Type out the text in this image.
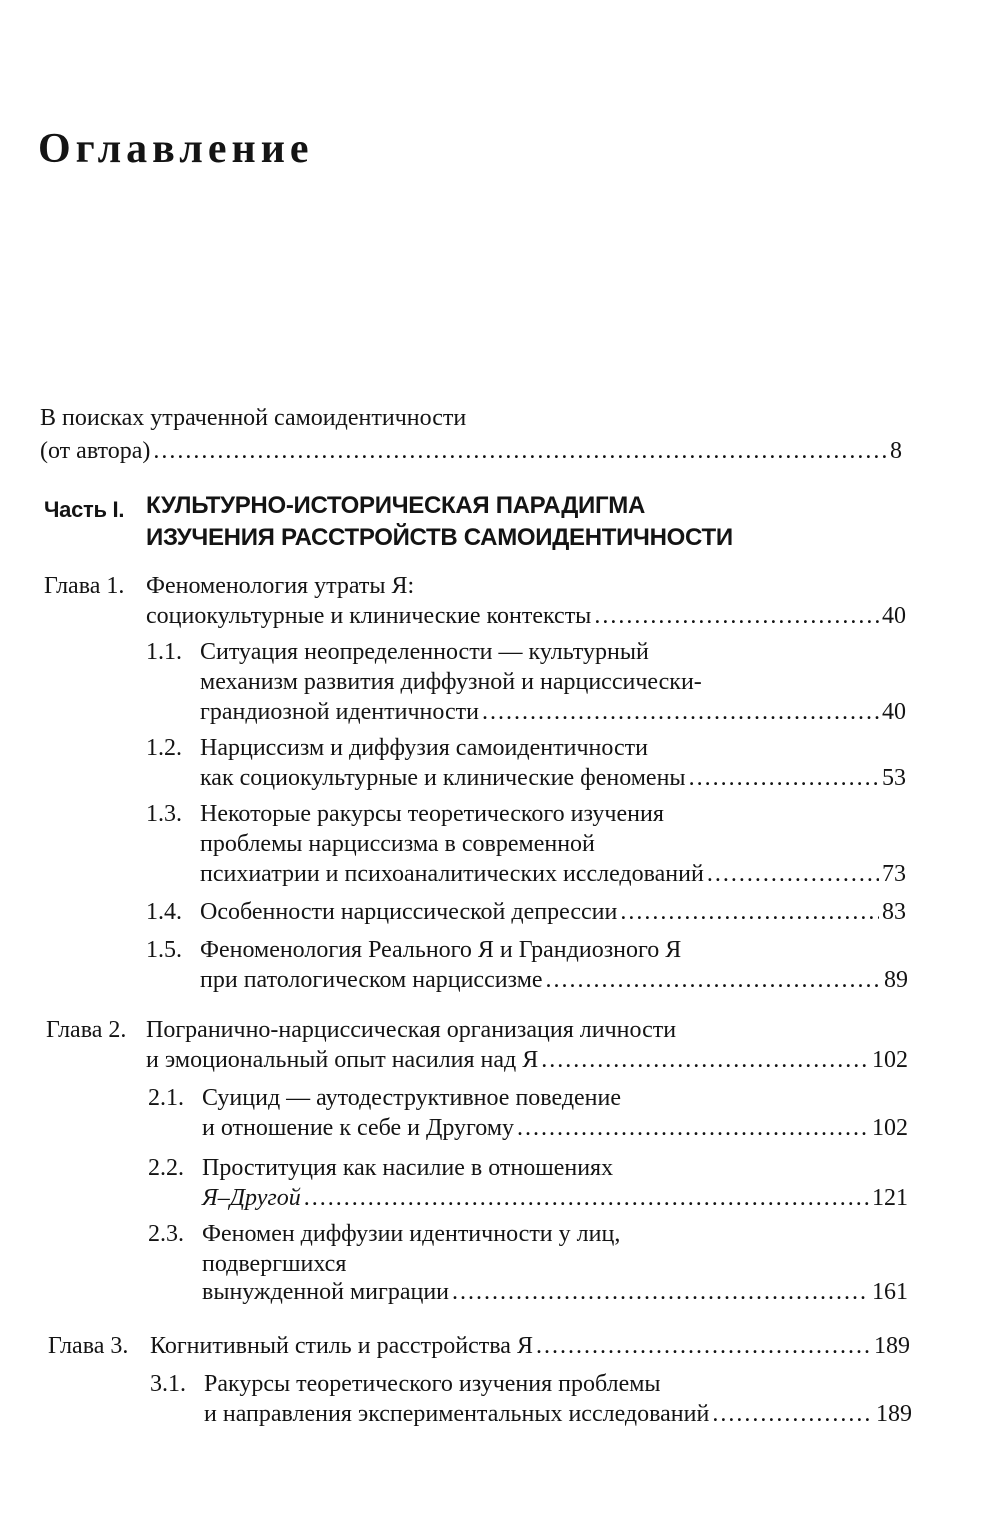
Оглавление
В поисках утраченной самоидентичности
(от автора) .....	8
Часть I. КУЛЬТУРНО-ИСТОРИЧЕСКАЯ ПАРАДИГМА
ИЗУЧЕНИЯ РАССТРОЙСТВ САМОИДЕНТИЧНОСТИ
Глава 1. Феноменология утраты Я:
социокультурные и клинические контексты .....	40
1.1. Ситуация неопределенности — культурный
механизм развития диффузной и нарциссически-
грандиозной идентичности .....	40
1.2. Нарциссизм и диффузия самоидентичности
как социокультурные и клинические феномены .....	53
1.3. Некоторые ракурсы теоретического изучения
проблемы нарциссизма в современной
психиатрии и психоаналитических исследований .....	73
1.4. Особенности нарциссической депрессии .....	83
1.5. Феноменология Реального Я и Грандиозного Я
при патологическом нарциссизме .....	89
Глава 2. Погранично-нарциссическая организация личности
и эмоциональный опыт насилия над Я .....	102
2.1. Суицид — аутодеструктивное поведение
и отношение к себе и Другому .....	102
2.2. Проституция как насилие в отношениях
Я–Другой .....	121
2.3. Феномен диффузии идентичности у лиц,
подвергшихся
вынужденной миграции .....	161
Глава 3. Когнитивный стиль и расстройства Я .....	189
3.1. Ракурсы теоретического изучения проблемы
и направления экспериментальных исследований .....	189
